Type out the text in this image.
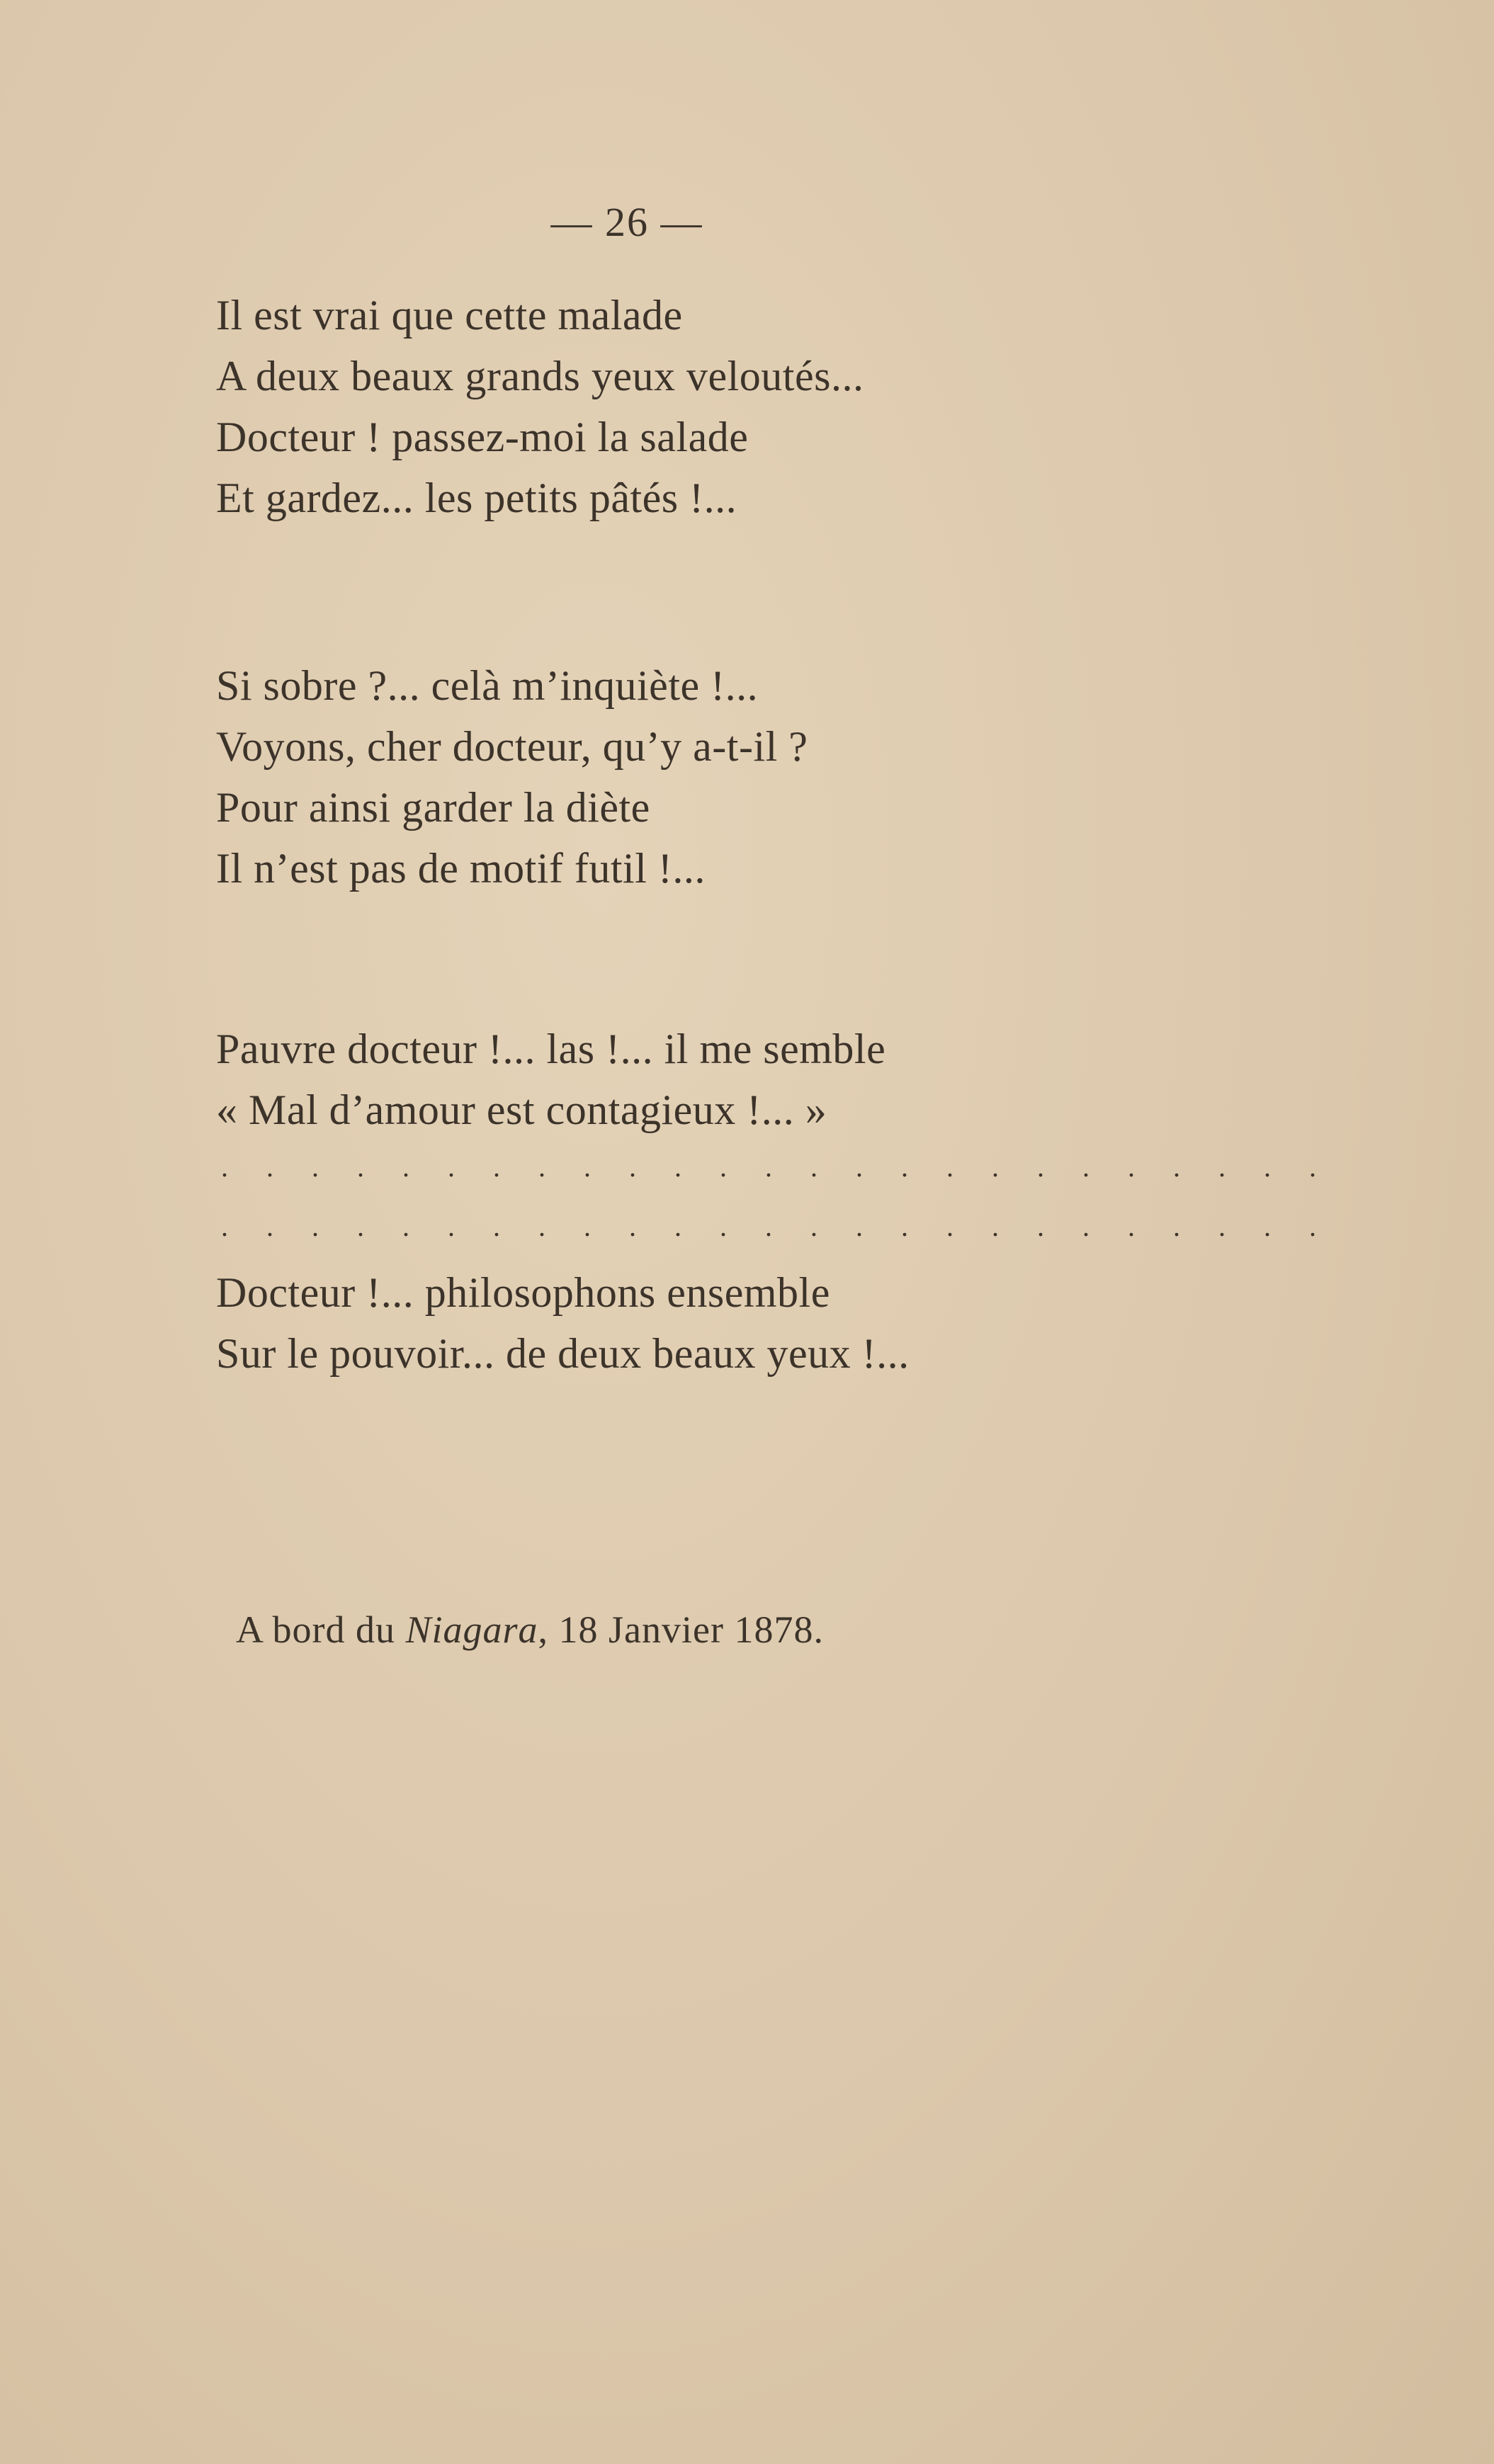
— 26 —
Il est vrai que cette malade
A deux beaux grands yeux veloutés...
Docteur ! passez-moi la salade
Et gardez... les petits pâtés !...
Si sobre ?... celà m’inquiète !...
Voyons, cher docteur, qu’y a-t-il ?
Pour ainsi garder la diète
Il n’est pas de motif futil !...
Pauvre docteur !... las !... il me semble
« Mal d’amour est contagieux !... »
. . . . . . . . . . . . . . . . . . . . . . . . .
. . . . . . . . . . . . . . . . . . . . . . . . .
Docteur !... philosophons ensemble
Sur le pouvoir... de deux beaux yeux !...
A bord du Niagara, 18 Janvier 1878.
